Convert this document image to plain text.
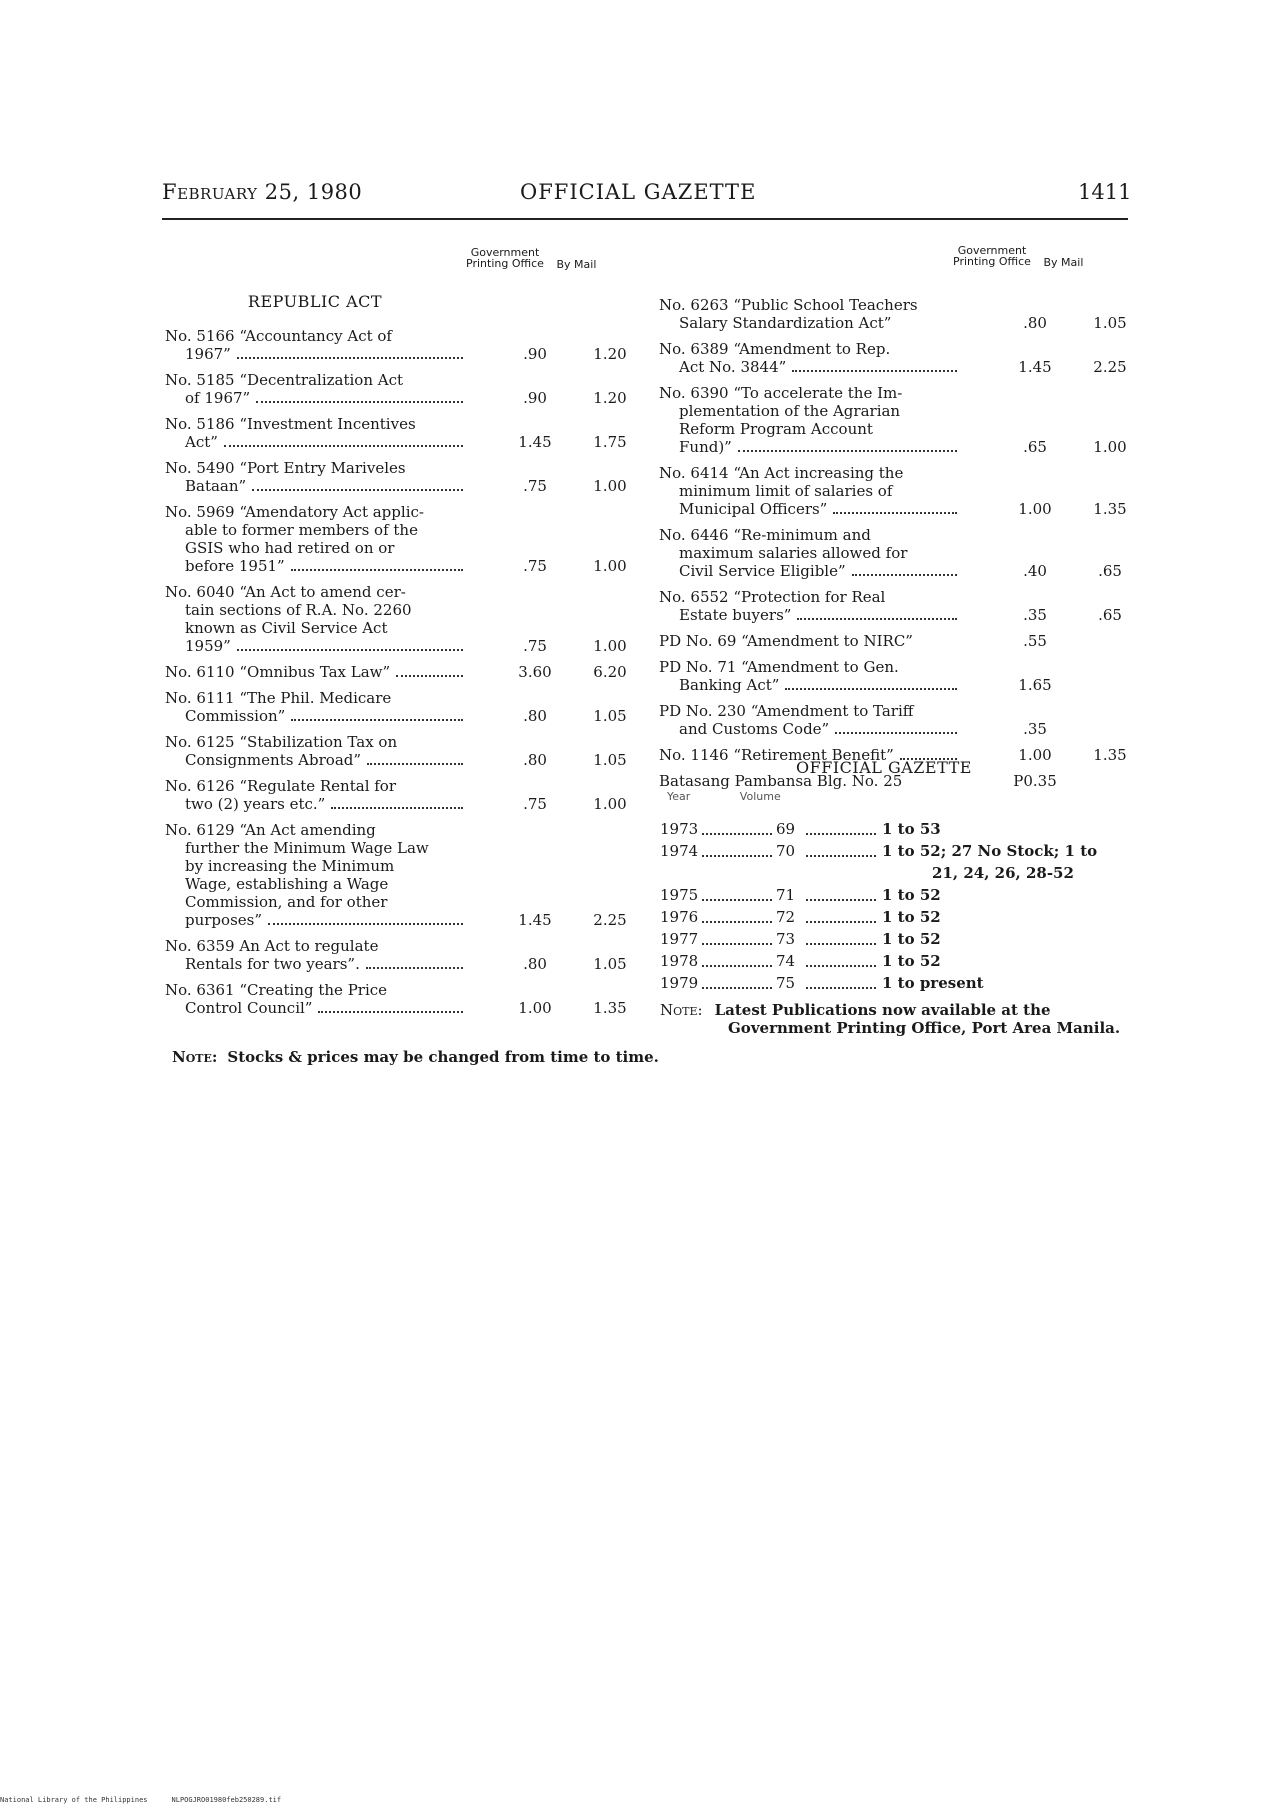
February 25, 1980	OFFICIAL GAZETTE	1411
Government Printing Office By Mail
Government Printing Office By Mail
REPUBLIC ACT
No. 5166 “Accountancy Act of
1967”	.90	1.20
No. 5185 “Decentralization Act
of 1967”	.90	1.20
No. 5186 “Investment Incentives
Act”	1.45	1.75
No. 5490 “Port Entry Mariveles
Bataan”	.75	1.00
No. 5969 “Amendatory Act applic-
able to former members of the
GSIS who had retired on or
before 1951”	.75	1.00
No. 6040 “An Act to amend cer-
tain sections of R.A. No. 2260
known as Civil Service Act
1959”	.75	1.00
No. 6110 “Omnibus Tax Law”	3.60	6.20
No. 6111 “The Phil. Medicare
Commission”	.80	1.05
No. 6125 “Stabilization Tax on
Consignments Abroad”	.80	1.05
No. 6126 “Regulate Rental for
two (2) years etc.”	.75	1.00
No. 6129 “An Act amending
further the Minimum Wage Law
by increasing the Minimum
Wage, establishing a Wage
Commission, and for other
purposes”	1.45	2.25
No. 6359 An Act to regulate
Rentals for two years”.	.80	1.05
No. 6361 “Creating the Price
Control Council”	1.00	1.35
No. 6263 “Public School Teachers
Salary Standardization Act”	.80	1.05
No. 6389 “Amendment to Rep.
Act No. 3844”	1.45	2.25
No. 6390 “To accelerate the Im-
plementation of the Agrarian
Reform Program Account
Fund)”	.65	1.00
No. 6414 “An Act increasing the
minimum limit of salaries of
Municipal Officers”	1.00	1.35
No. 6446 “Re-minimum and
maximum salaries allowed for
Civil Service Eligible”	.40	.65
No. 6552 “Protection for Real
Estate buyers”	.35	.65
PD No. 69 “Amendment to NIRC”	.55
PD No. 71 “Amendment to Gen.
Banking Act”	1.65
PD No. 230 “Amendment to Tariff
and Customs Code”	.35
No. 1146 “Retirement Benefit”	1.00	1.35
Batasang Pambansa Blg. No. 25	P0.35
OFFICIAL GAZETTE
Year	Volume
1973	69	1 to 53
1974	70	1 to 52; 27 No Stock; 1 to
21, 24, 26, 28-52
1975	71	1 to 52
1976	72	1 to 52
1977	73	1 to 52
1978	74	1 to 52
1979	75	1 to present
Note: Latest Publications now available at the
Government Printing Office, Port Area Manila.
Note: Stocks & prices may be changed from time to time.
National Library of the Philippines	NLPOGJRO01980feb250289.tif
